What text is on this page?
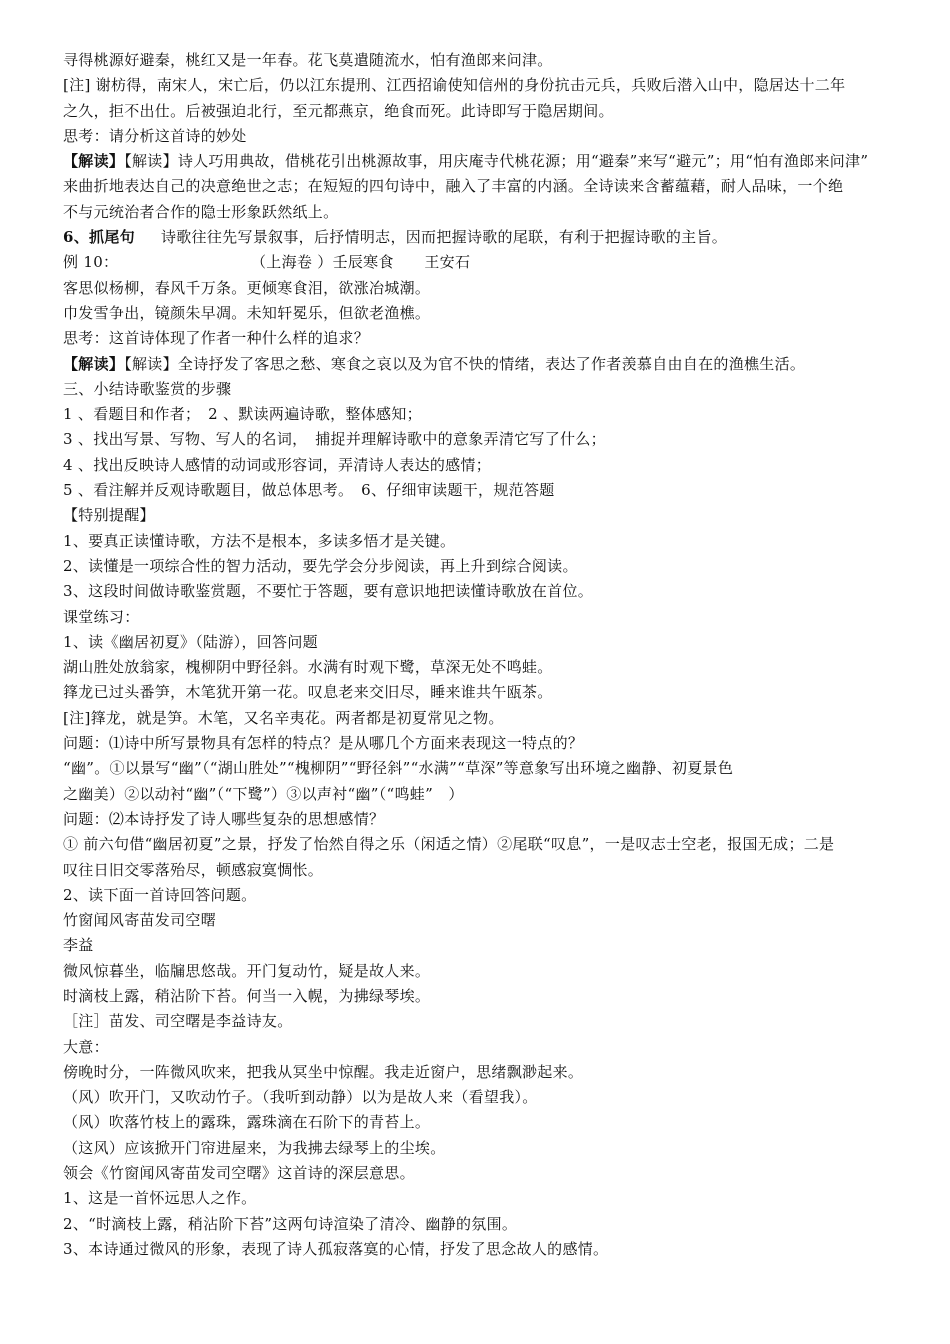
寻得桃源好避秦，桃红又是一年春。花飞莫遣随流水，怕有渔郎来问津。
[注] 谢枋得，南宋人，宋亡后，仍以江东提刑、江西招谕使知信州的身份抗击元兵，兵败后潜入山中，隐居达十二年
之久，拒不出仕。后被强迫北行，至元都燕京，绝食而死。此诗即写于隐居期间。
思考：请分析这首诗的妙处
【解读】【解读】诗人巧用典故，借桃花引出桃源故事，用庆庵寺代桃花源；用“避秦”来写“避元”；用“怕有渔郎来问津”
来曲折地表达自己的决意绝世之志；在短短的四句诗中，融入了丰富的内涵。全诗读来含蓄蕴藉，耐人品味，一个绝
不与元统治者合作的隐士形象跃然纸上。
6、抓尾句 诗歌往往先写景叙事，后抒情明志，因而把握诗歌的尾联，有利于把握诗歌的主旨。
例 10：	（上海卷 ）壬辰寒食　　王安石
客思似杨柳，春风千万条。更倾寒食泪，欲涨冶城潮。
巾发雪争出，镜颜朱早凋。未知轩冕乐，但欲老渔樵。
思考：这首诗体现了作者一种什么样的追求？
【解读】【解读】全诗抒发了客思之愁、寒食之哀以及为官不快的情绪，表达了作者羡慕自由自在的渔樵生活。
三、小结诗歌鉴赏的步骤
1 、看题目和作者；　2 、默读两遍诗歌，整体感知；
3 、找出写景、写物、写人的名词，　捕捉并理解诗歌中的意象弄清它写了什么；
4 、找出反映诗人感情的动词或形容词，弄清诗人表达的感情；
5 、看注解并反观诗歌题目，做总体思考。　6、仔细审读题干，规范答题
【特别提醒】
1、要真正读懂诗歌，方法不是根本，多读多悟才是关键。
2、读懂是一项综合性的智力活动，要先学会分步阅读，再上升到综合阅读。
3、这段时间做诗歌鉴赏题，不要忙于答题，要有意识地把读懂诗歌放在首位。
课堂练习：
1、读《幽居初夏》（陆游），回答问题
湖山胜处放翁家，槐柳阴中野径斜。水满有时观下鹭，草深无处不鸣蛙。
箨龙已过头番笋，木笔犹开第一花。叹息老来交旧尽，睡来谁共午瓯茶。
[注]箨龙，就是笋。木笔，又名辛夷花。两者都是初夏常见之物。
问题：⑴诗中所写景物具有怎样的特点？是从哪几个方面来表现这一特点的？
“幽”。①以景写“幽”（“湖山胜处”“槐柳阴”“野径斜”“水满”“草深”等意象写出环境之幽静、初夏景色
之幽美）②以动衬“幽”（“下鹭”）③以声衬“幽”（“鸣蛙”　）
问题：⑵本诗抒发了诗人哪些复杂的思想感情？
① 前六句借“幽居初夏”之景，抒发了怡然自得之乐（闲适之情）②尾联“叹息”，一是叹志士空老，报国无成；二是
叹往日旧交零落殆尽，顿感寂寞惆怅。
2、读下面一首诗回答问题。
竹窗闻风寄苗发司空曙
李益
微风惊暮坐，临牖思悠哉。开门复动竹，疑是故人来。
时滴枝上露，稍沾阶下苔。何当一入幌，为拂绿琴埃。
［注］苗发、司空曙是李益诗友。
大意：
傍晚时分，一阵微风吹来，把我从冥坐中惊醒。我走近窗户，思绪飘渺起来。
（风）吹开门，又吹动竹子。（我听到动静）以为是故人来（看望我）。
（风）吹落竹枝上的露珠，露珠滴在石阶下的青苔上。
（这风）应该掀开门帘进屋来，为我拂去绿琴上的尘埃。
领会《竹窗闻风寄苗发司空曙》这首诗的深层意思。
1、这是一首怀远思人之作。
2、“时滴枝上露，稍沾阶下苔”这两句诗渲染了清冷、幽静的氛围。
3、本诗通过微风的形象，表现了诗人孤寂落寞的心情，抒发了思念故人的感情。
